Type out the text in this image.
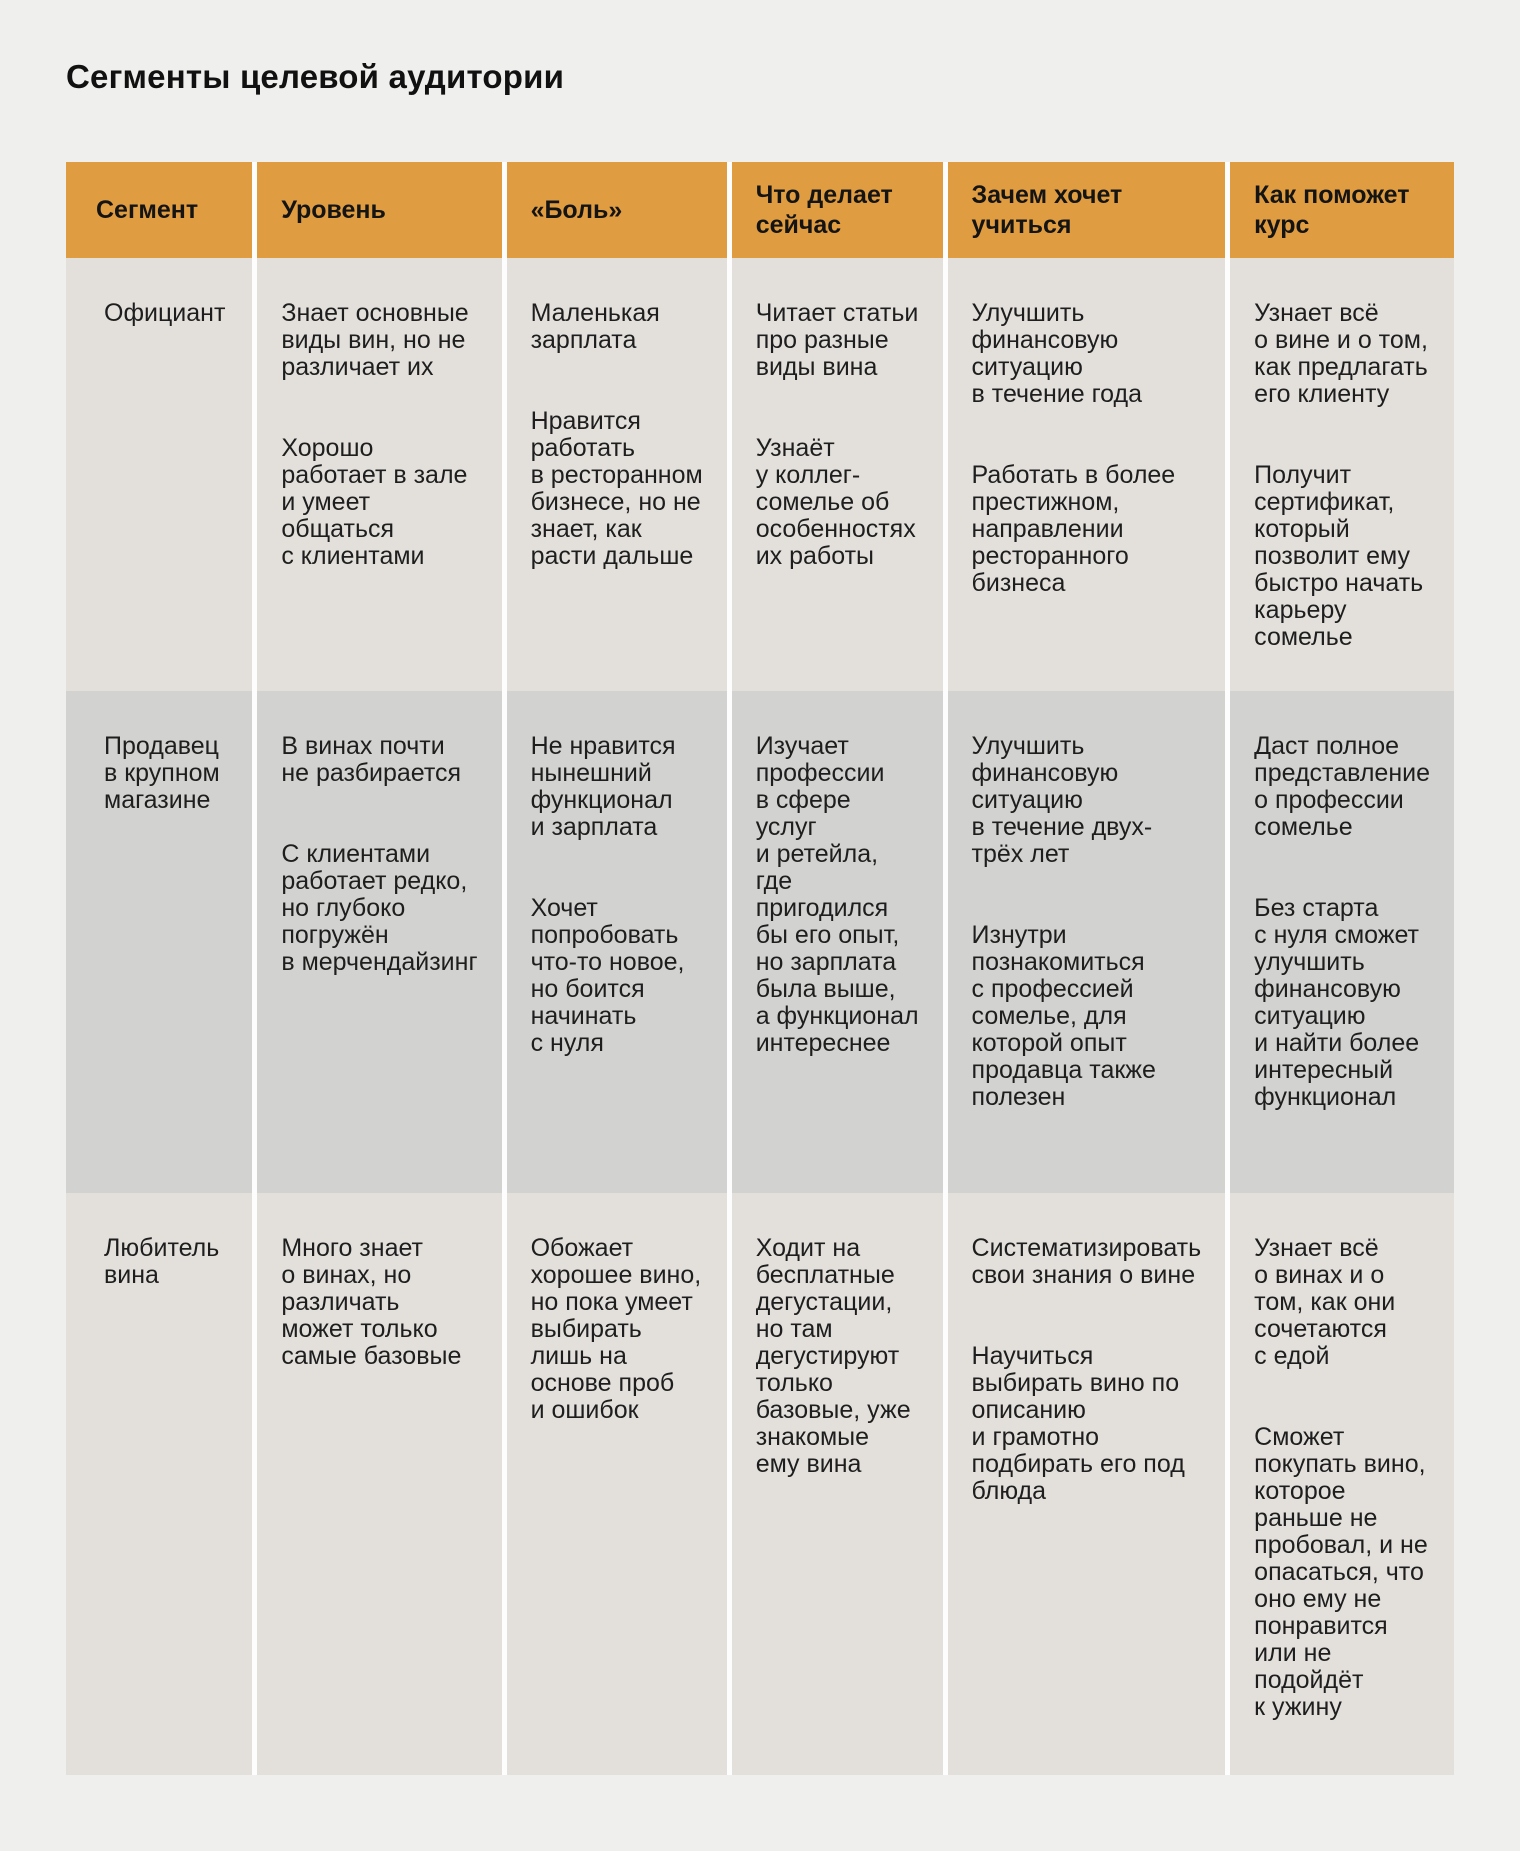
Сегменты целевой аудитории
Сегмент	Уровень	«Боль»
Что делает сейчас
Зачем хочет учиться
Как поможет курс

Официант Знает основные виды вин, но не различает их

Хорошо работает в зале и умеет общаться с клиентами

Маленькая зарплата

Нравится работать в ресторанном бизнесе, но не знает, как расти дальше

Читает статьи про разные виды вина

Узнаёт у коллег-сомелье об особенностях их работы

Улучшить финансовую ситуацию в течение года

Работать в более престижном, направлении ресторанного бизнеса

Узнает всё о вине и о том, как предлагать его клиенту

Получит сертификат, который позволит ему быстро начать карьеру сомелье

Продавец в крупном магазине

В винах почти не разбирается

С клиентами работает редко, но глубоко погружён в мерчендайзинг

Не нравится нынешний функционал и зарплата

Хочет попробовать что-то новое, но боится начинать с нуля

Изучает профессии в сфере услуг и ретейла, где пригодился бы его опыт, но зарплата была выше, а функционал интереснее

Улучшить финансовую ситуацию в течение двух-трёх лет

Изнутри познакомиться с профессией сомелье, для которой опыт продавца также полезен

Даст полное представление о профессии сомелье

Без старта с нуля сможет улучшить финансовую ситуацию и найти более интересный функционал

Любитель вина

Много знает о винах, но различать может только самые базовые

Обожает хорошее вино, но пока умеет выбирать лишь на основе проб и ошибок

Ходит на бесплатные дегустации, но там дегустируют только базовые, уже знакомые ему вина

Систематизировать свои знания о вине

Научиться выбирать вино по описанию и грамотно подбирать его под блюда

Узнает всё о винах и о том, как они сочетаются с едой

Сможет покупать вино, которое раньше не пробовал, и не опасаться, что оно ему не понравится или не подойдёт к ужину
